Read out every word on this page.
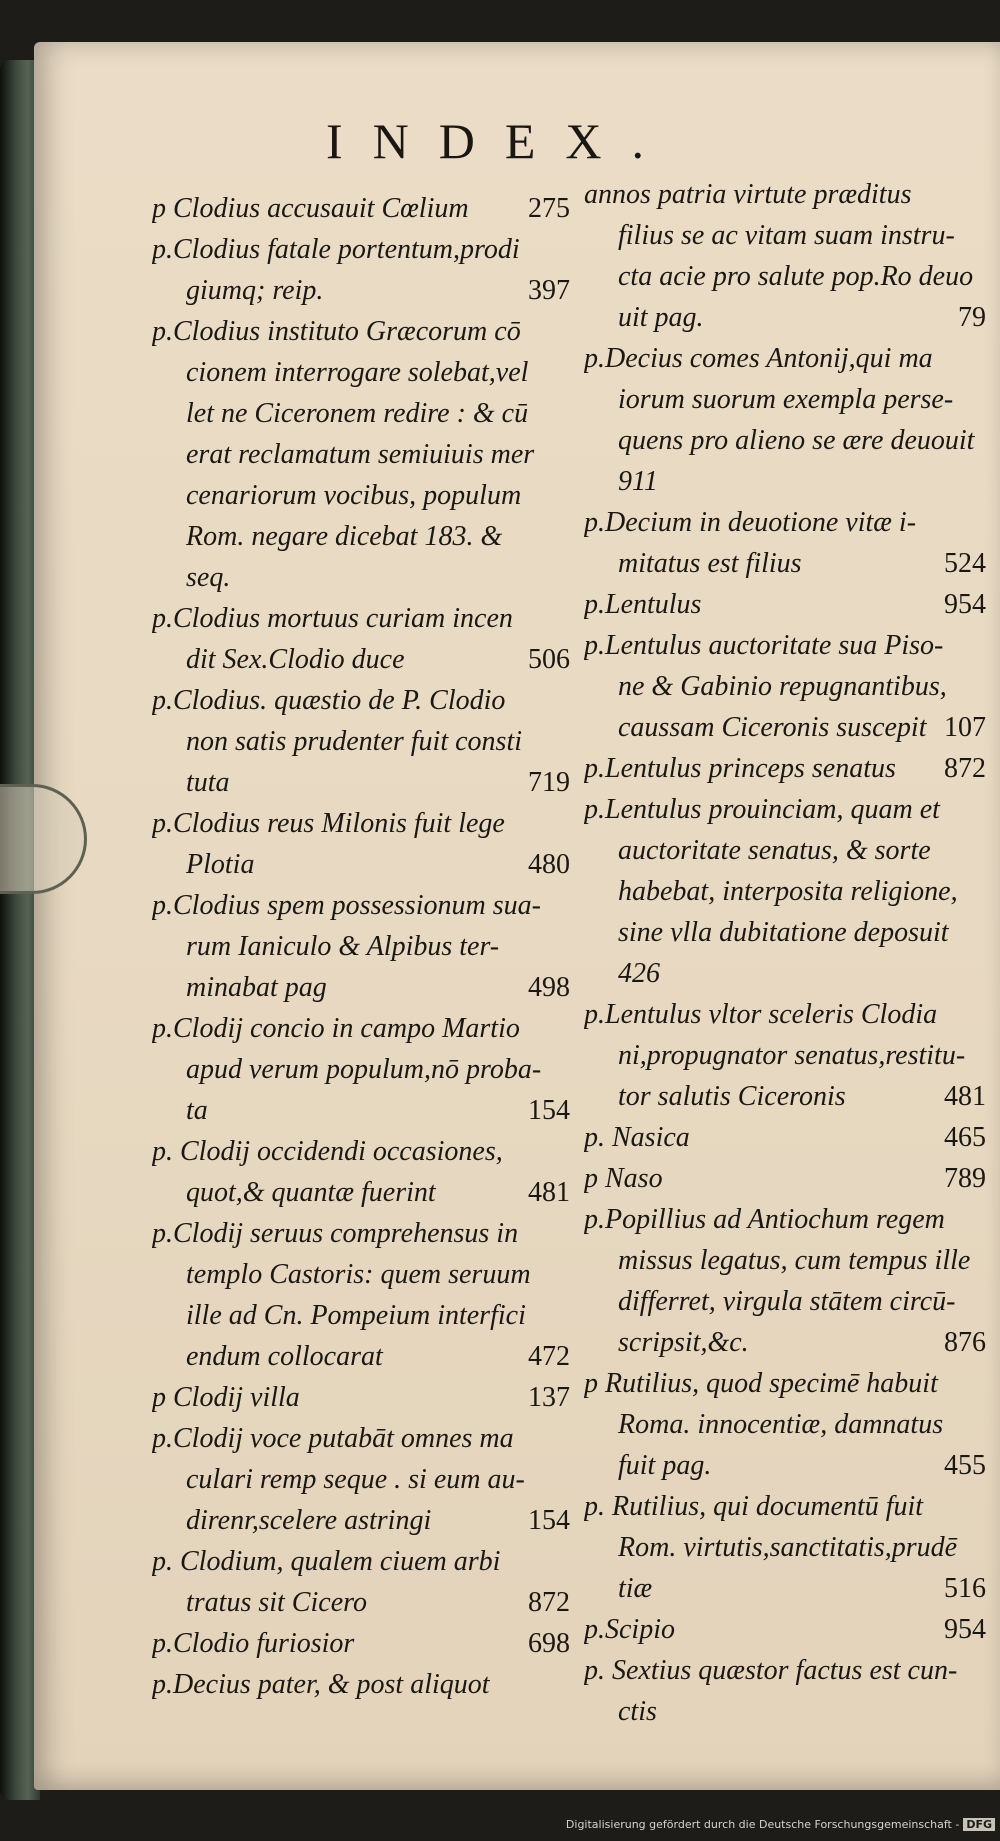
INDEX.
275
p Clodius accusauit Cœlium
p.Clodius fatale portentum,prodi
397
giumq; reip.
p.Clodius instituto Græcorum cō
cionem interrogare solebat,vel
let ne Ciceronem redire : & cū
erat reclamatum semiuiuis mer
cenariorum vocibus, populum
Rom. negare dicebat 183. &
seq.
p.Clodius mortuus curiam incen
506
dit Sex.Clodio duce
p.Clodius. quæstio de P. Clodio
non satis prudenter fuit consti
719
tuta
p.Clodius reus Milonis fuit lege
480
Plotia
p.Clodius spem possessionum sua-
rum Ianiculo & Alpibus ter-
498
minabat pag
p.Clodij concio in campo Martio
apud verum populum,nō proba-
154
ta
p. Clodij occidendi occasiones,
481
quot,& quantæ fuerint
p.Clodij seruus comprehensus in
templo Castoris: quem seruum
ille ad Cn. Pompeium interfici
472
endum collocarat
137
p Clodij villa
p.Clodij voce putabāt omnes ma
culari remp seque . si eum au-
154
direnr,scelere astringi
p. Clodium, qualem ciuem arbi
872
tratus sit Cicero
698
p.Clodio furiosior
p.Decius pater, & post aliquot
annos patria virtute præditus
filius se ac vitam suam instru-
cta acie pro salute pop.Ro deuo
79
uit pag.
p.Decius comes Antonij,qui ma
iorum suorum exempla perse-
quens pro alieno se ære deuouit
911
p.Decium in deuotione vitæ i-
524
mitatus est filius
954
p.Lentulus
p.Lentulus auctoritate sua Piso-
ne & Gabinio repugnantibus,
107
caussam Ciceronis suscepit
872
p.Lentulus princeps senatus
p.Lentulus prouinciam, quam et
auctoritate senatus, & sorte
habebat, interposita religione,
sine vlla dubitatione deposuit
426
p.Lentulus vltor sceleris Clodia
ni,propugnator senatus,restitu-
481
tor salutis Ciceronis
465
p. Nasica
789
p Naso
p.Popillius ad Antiochum regem
missus legatus, cum tempus ille
differret, virgula stātem circū-
876
scripsit,&c.
p Rutilius, quod specimē habuit
Roma. innocentiæ, damnatus
455
fuit pag.
p. Rutilius, qui documentū fuit
Rom. virtutis,sanctitatis,prudē
516
tiæ
954
p.Scipio
p. Sextius quæstor factus est cun-
ctis
Digitalisierung gefördert durch die Deutsche Forschungsgemeinschaft - DFG
